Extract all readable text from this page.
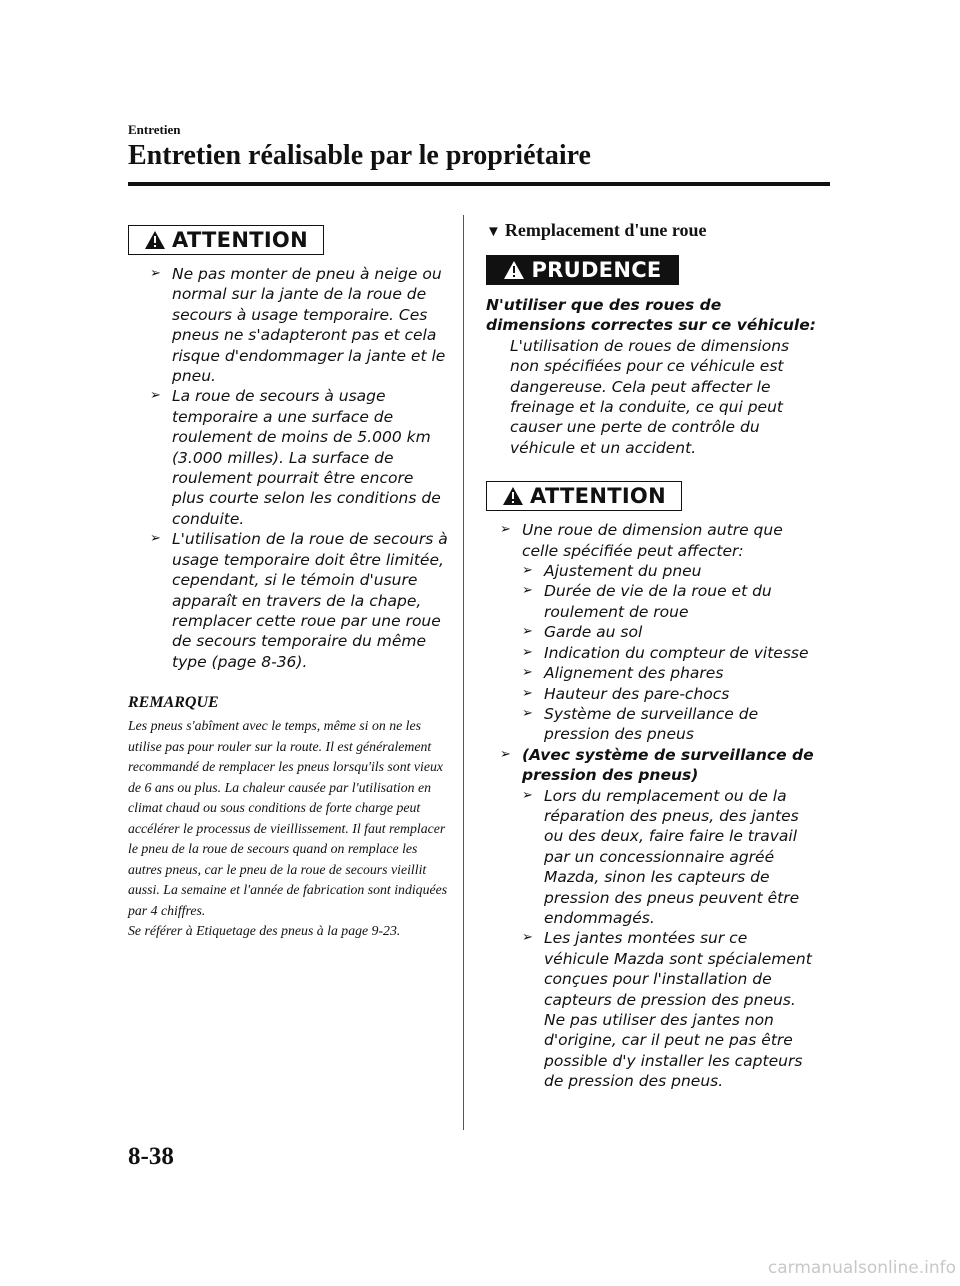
Entretien
Entretien réalisable par le propriétaire
ATTENTION
➢ Ne pas monter de pneu à neige ou normal sur la jante de la roue de secours à usage temporaire. Ces pneus ne s'adapteront pas et cela risque d'endommager la jante et le pneu.
➢ La roue de secours à usage temporaire a une surface de roulement de moins de 5.000 km (3.000 milles). La surface de roulement pourrait être encore plus courte selon les conditions de conduite.
➢ L'utilisation de la roue de secours à usage temporaire doit être limitée, cependant, si le témoin d'usure apparaît en travers de la chape, remplacer cette roue par une roue de secours temporaire du même type (page 8-36).
REMARQUE

Les pneus s'abîment avec le temps, même si on ne les utilise pas pour rouler sur la route. Il est généralement recommandé de remplacer les pneus lorsqu'ils sont vieux de 6 ans ou plus. La chaleur causée par l'utilisation en climat chaud ou sous conditions de forte charge peut accélérer le processus de vieillissement. Il faut remplacer le pneu de la roue de secours quand on remplace les autres pneus, car le pneu de la roue de secours vieillit aussi. La semaine et l'année de fabrication sont indiquées par 4 chiffres.

Se référer à Etiquetage des pneus à la page 9-23.

▼ Remplacement d'une roue
PRUDENCE

N'utiliser que des roues de dimensions correctes sur ce véhicule:

L'utilisation de roues de dimensions non spécifiées pour ce véhicule est dangereuse. Cela peut affecter le freinage et la conduite, ce qui peut causer une perte de contrôle du véhicule et un accident.

ATTENTION
➢ Une roue de dimension autre que celle spécifiée peut affecter:
➢ Ajustement du pneu
➢ Durée de vie de la roue et du roulement de roue
➢ Garde au sol
➢ Indication du compteur de vitesse
➢ Alignement des phares
➢ Hauteur des pare-chocs
➢ Système de surveillance de pression des pneus
➢ (Avec système de surveillance de pression des pneus)
➢ Lors du remplacement ou de la réparation des pneus, des jantes ou des deux, faire faire le travail par un concessionnaire agréé Mazda, sinon les capteurs de pression des pneus peuvent être endommagés.
➢ Les jantes montées sur ce véhicule Mazda sont spécialement conçues pour l'installation de capteurs de pression des pneus. Ne pas utiliser des jantes non d'origine, car il peut ne pas être possible d'y installer les capteurs de pression des pneus.
8-38
carmanualsonline.info
